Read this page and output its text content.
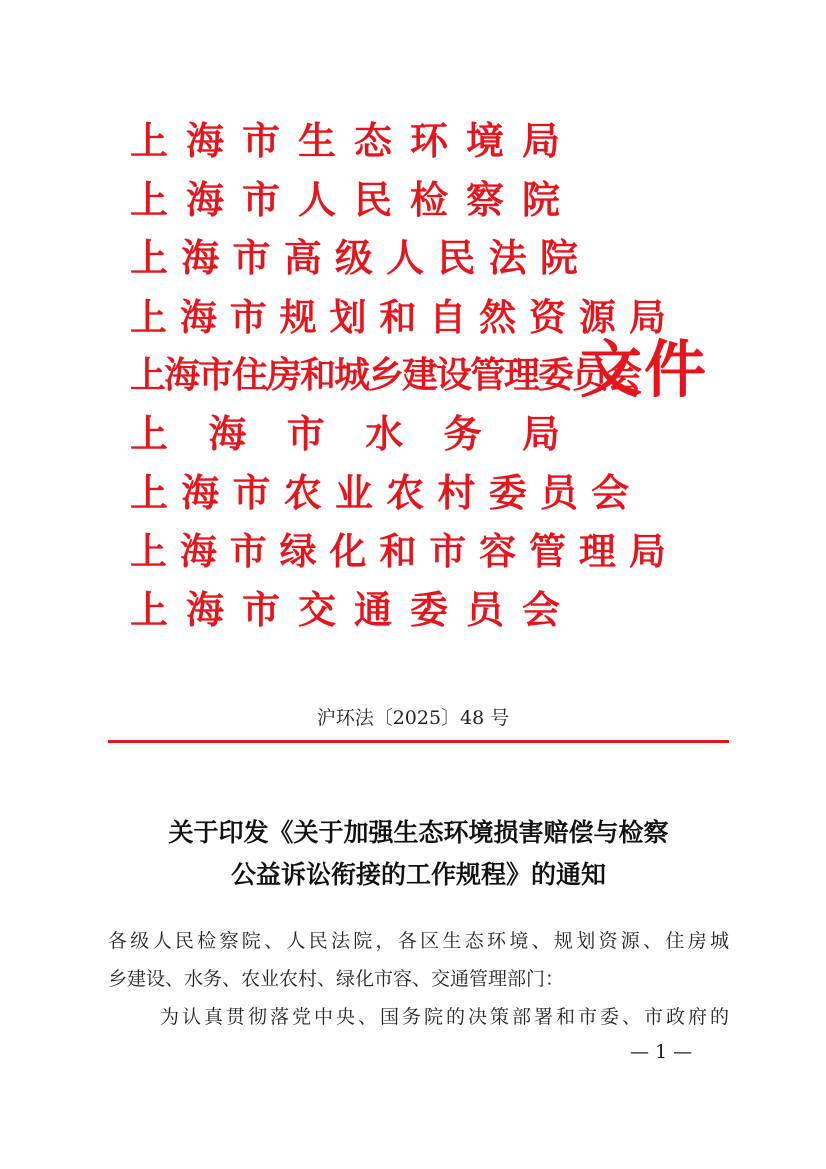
上 海 市 生 态 环 境 局
上 海 市 人 民 检 察 院
上 海 市 高 级 人 民 法 院
上 海 市 规 划 和 自 然 资 源 局
上海市住房和城乡建设管理委员会
上 海 市 水 务 局
上 海 市 农 业 农 村 委 员 会
上 海 市 绿 化 和 市 容 管 理 局
上 海 市 交 通 委 员 会
文件
沪环法〔2025〕48 号
关于印发《关于加强生态环境损害赔偿与检察
公益诉讼衔接的工作规程》的通知

各级人民检察院、人民法院，各区生态环境、规划资源、住房城

乡建设、水务、农业农村、绿化市容、交通管理部门：

为认真贯彻落党中央、国务院的决策部署和市委、市政府的

— 1 —
